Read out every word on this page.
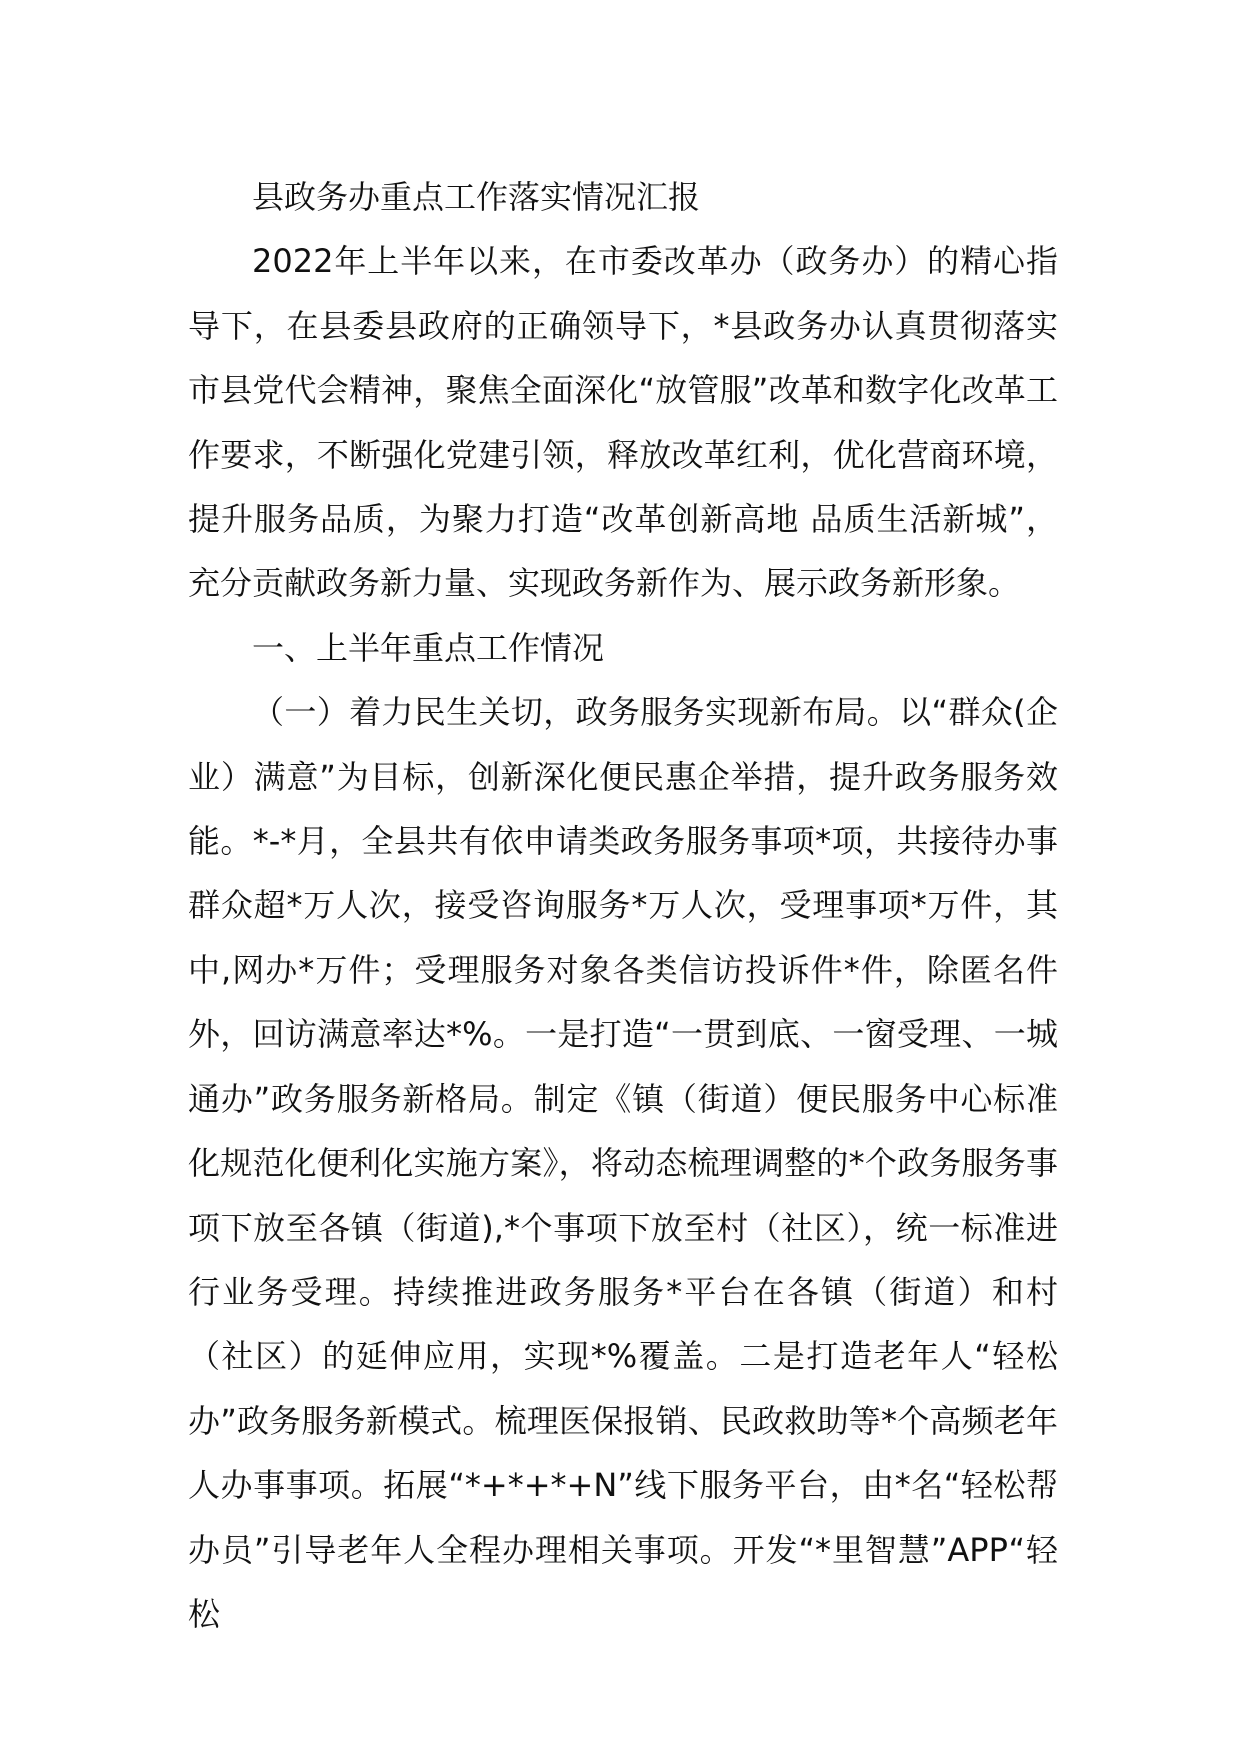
县政务办重点工作落实情况汇报

2022年上半年以来，在市委改革办（政务办）的精心指导下，在县委县政府的正确领导下，*县政务办认真贯彻落实市县党代会精神，聚焦全面深化“放管服”改革和数字化改革工作要求，不断强化党建引领，释放改革红利，优化营商环境，提升服务品质，为聚力打造“改革创新高地 品质生活新城”，充分贡献政务新力量、实现政务新作为、展示政务新形象。

一、上半年重点工作情况

（一）着力民生关切，政务服务实现新布局。以“群众(企业）满意”为目标，创新深化便民惠企举措，提升政务服务效能。*-*月，全县共有依申请类政务服务事项*项，共接待办事群众超*万人次，接受咨询服务*万人次，受理事项*万件，其中,网办*万件；受理服务对象各类信访投诉件*件，除匿名件外，回访满意率达*%。一是打造“一贯到底、一窗受理、一城通办”政务服务新格局。制定《镇（街道）便民服务中心标准化规范化便利化实施方案》，将动态梳理调整的*个政务服务事项下放至各镇（街道),*个事项下放至村（社区），统一标准进行业务受理。持续推进政务服务*平台在各镇（街道）和村（社区）的延伸应用，实现*%覆盖。二是打造老年人“轻松办”政务服务新模式。梳理医保报销、民政救助等*个高频老年人办事事项。拓展“*+*+*+N”线下服务平台，由*名“轻松帮办员”引导老年人全程办理相关事项。开发“*里智慧”APP“轻松
